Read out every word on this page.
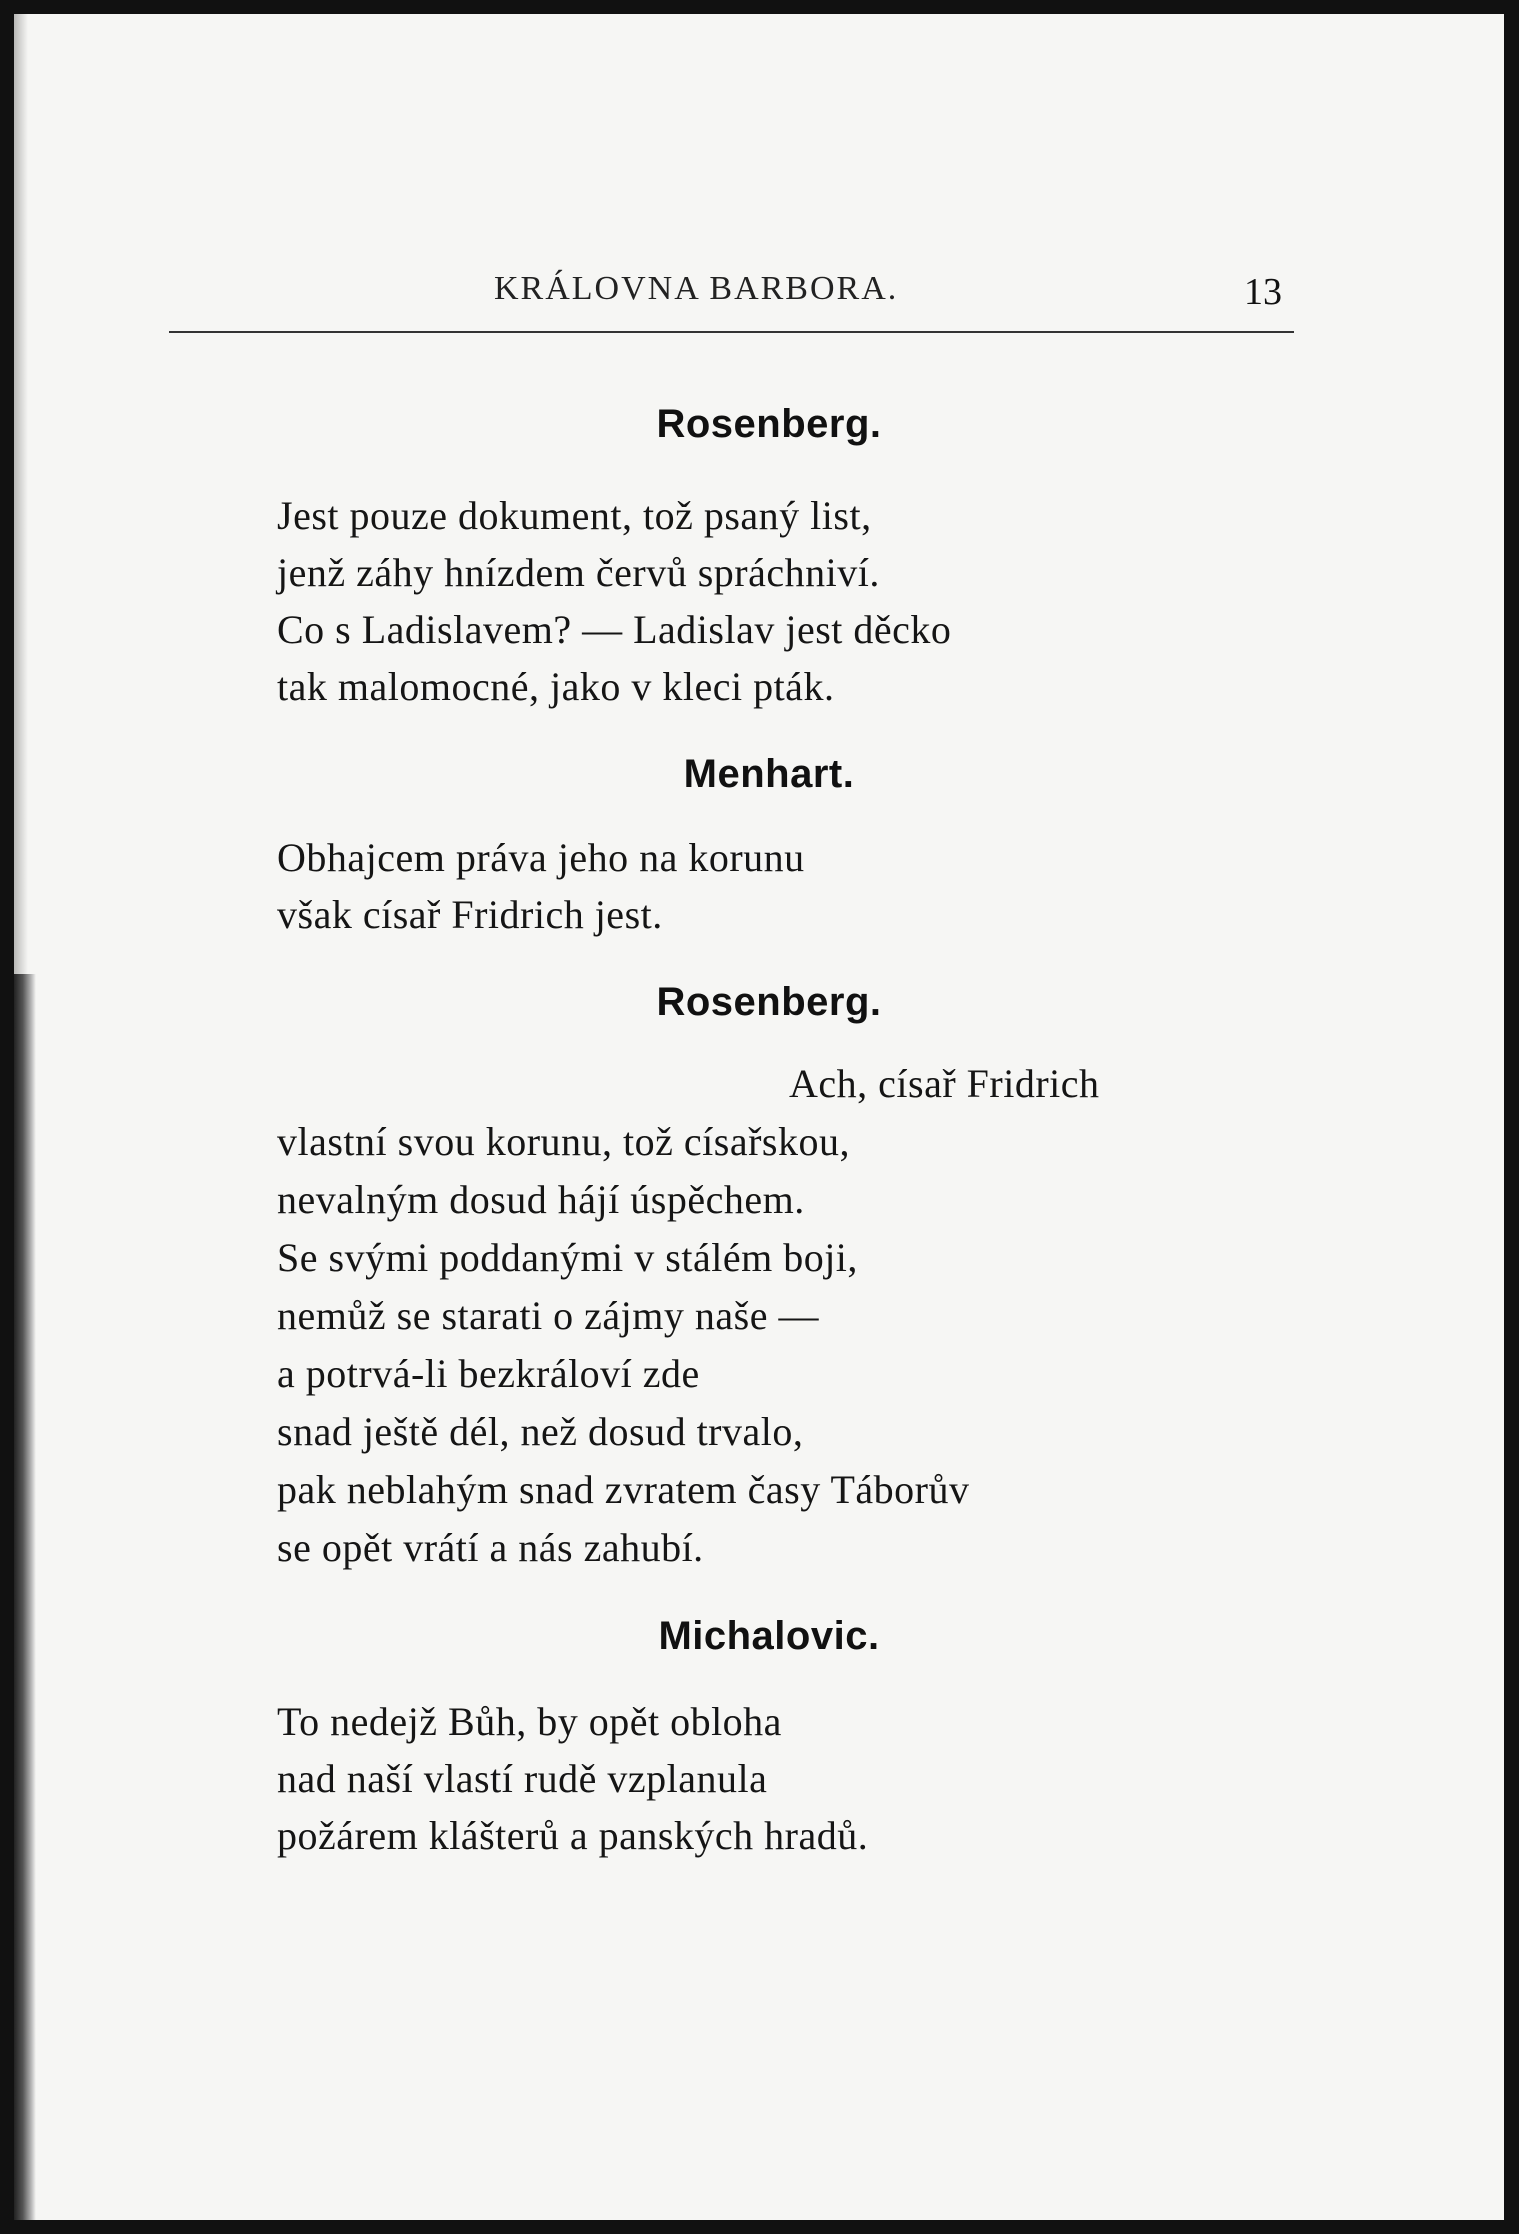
KRÁLOVNA BARBORA.	13
Rosenberg.
Jest pouze dokument, tož psaný list,
jenž záhy hnízdem červů spráchniví.
Co s Ladislavem? — Ladislav jest děcko
tak malomocné, jako v kleci pták.
Menhart.
Obhajcem práva jeho na korunu
však císař Fridrich jest.
Rosenberg.
Ach, císař Fridrich
vlastní svou korunu, tož císařskou,
nevalným dosud hájí úspěchem.
Se svými poddanými v stálém boji,
nemůž se starati o zájmy naše —
a potrvá-li bezkráloví zde
snad ještě dél, než dosud trvalo,
pak neblahým snad zvratem časy Táborův
se opět vrátí a nás zahubí.
Michalovic.
To nedejž Bůh, by opět obloha
nad naší vlastí rudě vzplanula
požárem klášterů a panských hradů.
